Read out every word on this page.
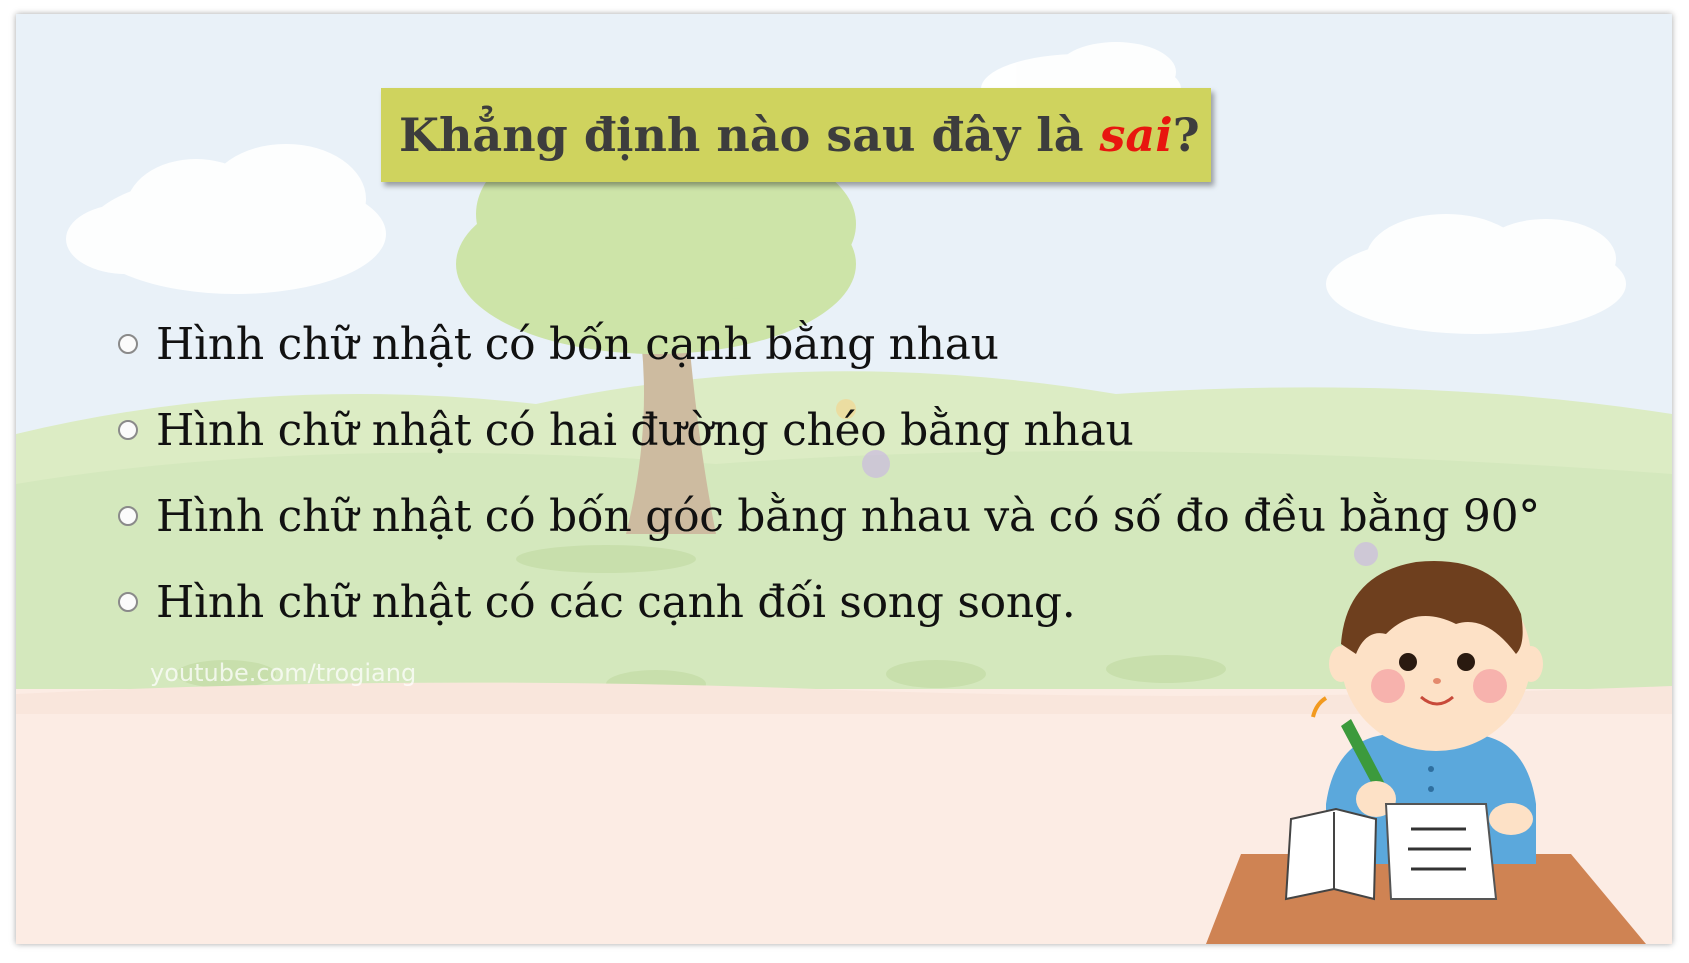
Khẳng định nào sau đây là sai?
Hình chữ nhật có bốn cạnh bằng nhau
Hình chữ nhật có hai đường chéo bằng nhau
Hình chữ nhật có bốn góc bằng nhau và có số đo đều bằng 90°
Hình chữ nhật có các cạnh đối song song.
youtube.com/trogiang
